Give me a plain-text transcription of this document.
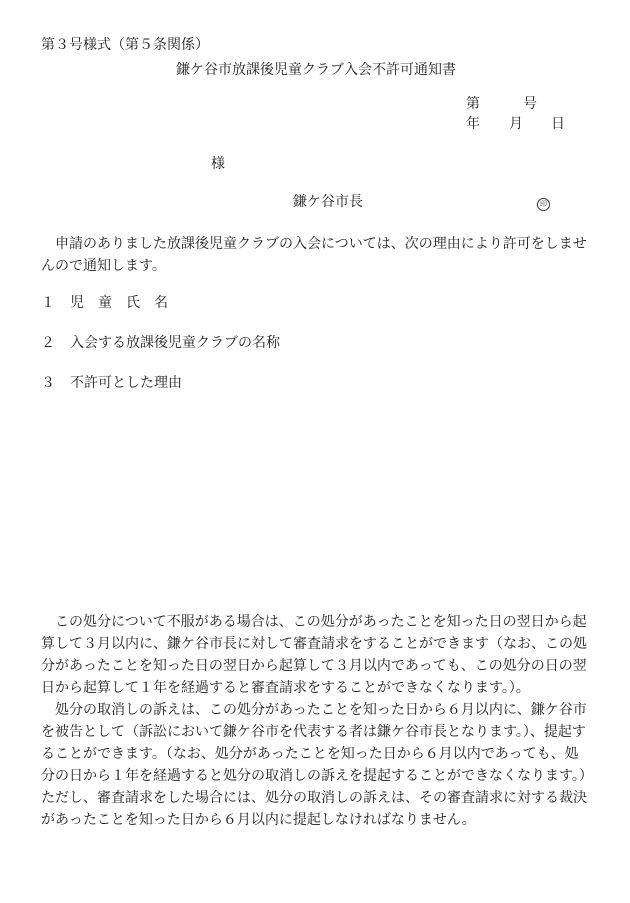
第３号様式（第５条関係）
鎌ケ谷市放課後児童クラブ入会不許可通知書
第	号
年 月 日
様
鎌ケ谷市長	印
申請のありました放課後児童クラブの入会については、次の理由により許可をしませ
んので通知します。
１ 児　童　氏　名
２ 入会する放課後児童クラブの名称
３ 不許可とした理由
この処分について不服がある場合は、この処分があったことを知った日の翌日から起
算して３月以内に、鎌ケ谷市長に対して審査請求をすることができます（なお、この処
分があったことを知った日の翌日から起算して３月以内であっても、この処分の日の翌
日から起算して１年を経過すると審査請求をすることができなくなります。）。
処分の取消しの訴えは、この処分があったことを知った日から６月以内に、鎌ケ谷市
を被告として（訴訟において鎌ケ谷市を代表する者は鎌ケ谷市長となります。）、提起す
ることができます。（なお、処分があったことを知った日から６月以内であっても、処
分の日から１年を経過すると処分の取消しの訴えを提起することができなくなります。）
ただし、審査請求をした場合には、処分の取消しの訴えは、その審査請求に対する裁決
があったことを知った日から６月以内に提起しなければなりません。
